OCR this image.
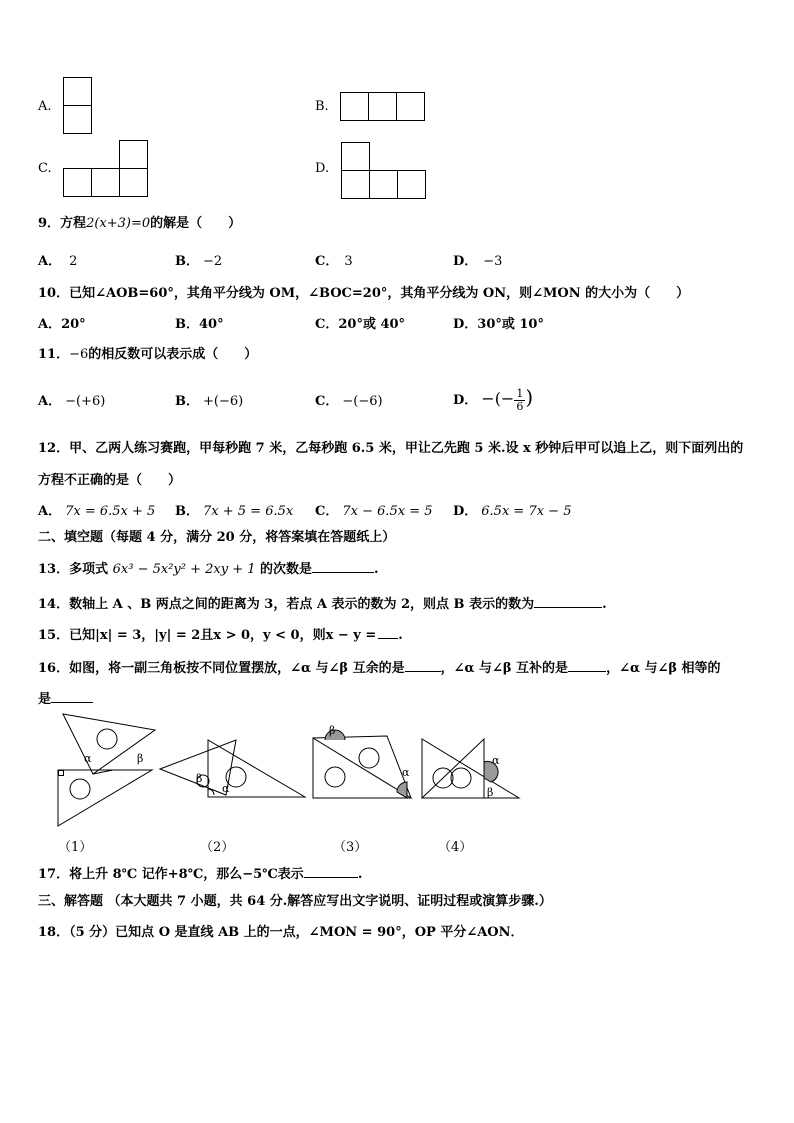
A.	B.
C.	D.
9．方程2(x+3)=0的解是（　　）
A． 2	B． −2	C． 3	D． −3
10．已知∠AOB=60°，其角平分线为 OM，∠BOC=20°，其角平分线为 ON，则∠MON 的大小为（　　）
A．20°	B．40°	C．20°或 40°	D．30°或 10°
11．−6的相反数可以表示成（　　）
A． −(+6)	B． +(−6)	C． −(−6)	D． −(− $\frac{1}{6}$ )
12．甲、乙两人练习赛跑，甲每秒跑 7 米，乙每秒跑 6.5 米，甲让乙先跑 5 米.设 x 秒钟后甲可以追上乙，则下面列出的
方程不正确的是（　　）
A． 7x = 6.5x + 5 B． 7x + 5 = 6.5x C． 7x − 6.5x = 5 D． 6.5x = 7x − 5
二、填空题（每题 4 分，满分 20 分，将答案填在答题纸上）
13．多项式 6x³ − 5x²y² + 2xy + 1 的次数是	.
14．数轴上 A 、B 两点之间的距离为 3，若点 A 表示的数为 2，则点 B 表示的数为	.
15．已知|x| = 3，|y| = 2且x > 0，y < 0，则x − y = .
16．如图，将一副三角板按不同位置摆放，∠α 与∠β 互余的是	，∠α 与∠β 互补的是	，∠α 与∠β 相等的
是
α	β
β
α
β
α
α
β
（1）	（2）	（3）	（4）
17．将上升 8℃ 记作+8℃，那么−5℃表示	.
三、解答题 （本大题共 7 小题，共 64 分.解答应写出文字说明、证明过程或演算步骤.）
18．（5 分）已知点 O 是直线 AB 上的一点，∠MON = 90°，OP 平分∠AON．
